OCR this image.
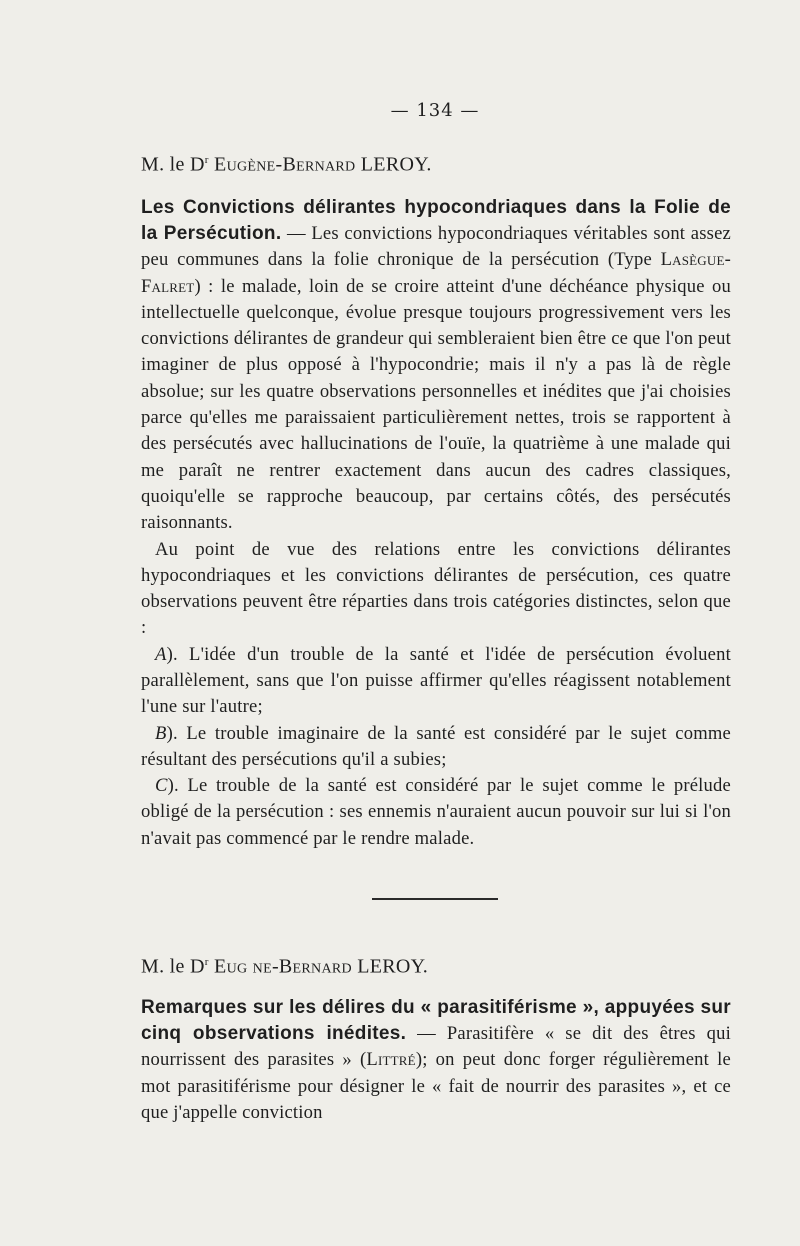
— 134 —
M. le $D^r$ Eugène-Bernard LEROY.

Les Convictions délirantes hypocondriaques dans la Folie de la Persécution. — Les convictions hypocondriaques véritables sont assez peu communes dans la folie chronique de la persécution (Type Lasègue-Falret) : le malade, loin de se croire atteint d'une déchéance physique ou intellectuelle quelconque, évolue presque toujours progressivement vers les convictions délirantes de grandeur qui sembleraient bien être ce que l'on peut imaginer de plus opposé à l'hypocondrie; mais il n'y a pas là de règle absolue; sur les quatre observations personnelles et inédites que j'ai choisies parce qu'elles me paraissaient particulièrement nettes, trois se rapportent à des persécutés avec hallucinations de l'ouïe, la quatrième à une malade qui me paraît ne rentrer exactement dans aucun des cadres classiques, quoiqu'elle se rapproche beaucoup, par certains côtés, des persécutés raisonnants.

Au point de vue des relations entre les convictions délirantes hypocondriaques et les convictions délirantes de persécution, ces quatre observations peuvent être réparties dans trois catégories distinctes, selon que :

A). L'idée d'un trouble de la santé et l'idée de persécution évoluent parallèlement, sans que l'on puisse affirmer qu'elles réagissent notablement l'une sur l'autre;

B). Le trouble imaginaire de la santé est considéré par le sujet comme résultant des persécutions qu'il a subies;

C). Le trouble de la santé est considéré par le sujet comme le prélude obligé de la persécution : ses ennemis n'auraient aucun pouvoir sur lui si l'on n'avait pas commencé par le rendre malade.

M. le $D^r$ Eug ne-Bernard LEROY.

Remarques sur les délires du « parasitiférisme », appuyées sur cinq observations inédites. — Parasitifère « se dit des êtres qui nourrissent des parasites » (Littré); on peut donc forger régulièrement le mot parasitiférisme pour désigner le « fait de nourrir des parasites », et ce que j'appelle conviction
